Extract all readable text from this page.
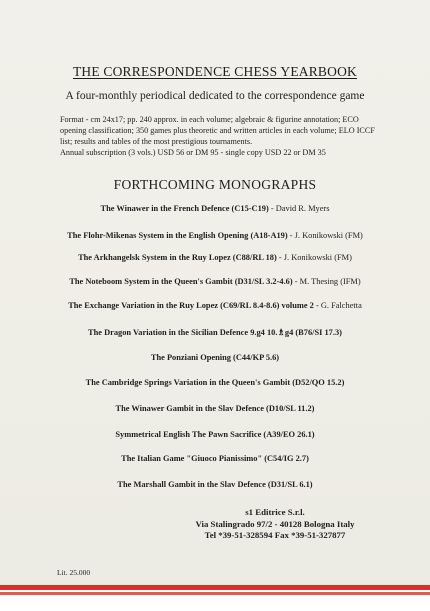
THE CORRESPONDENCE CHESS YEARBOOK
A four-monthly periodical dedicated to the correspondence game

Format - cm 24x17; pp. 240 approx. in each volume; algebraic & figurine annotation; ECO opening classification; 350 games plus theoretic and written articles in each volume; ELO ICCF list; results and tables of the most prestigious tournaments.

Annual subscription (3 vols.) USD 56 or DM 95 - single copy USD 22 or DM 35

FORTHCOMING MONOGRAPHS
The Winawer in the French Defence (C15-C19) - David R. Myers
The Flohr-Mikenas System in the English Opening (A18-A19) - J. Konikowski (FM)
The Arkhangelsk System in the Ruy Lopez (C88/RL 18) - J. Konikowski (FM)
The Noteboom System in the Queen's Gambit (D31/SL 3.2-4.6) - M. Thesing (IFM)
The Exchange Variation in the Ruy Lopez (C69/RL 8.4-8.6) volume 2 - G. Falchetta
The Dragon Variation in the Sicilian Defence 9.g4 10.♗g4 (B76/SI 17.3)
The Ponziani Opening (C44/KP 5.6)
The Cambridge Springs Variation in the Queen's Gambit (D52/QO 15.2)
The Winawer Gambit in the Slav Defence (D10/SL 11.2)
Symmetrical English The Pawn Sacrifice (A39/EO 26.1)
The Italian Game "Giuoco Pianissimo" (C54/IG 2.7)
The Marshall Gambit in the Slav Defence (D31/SL 6.1)
s1 Editrice S.r.l.
Via Stalingrado 97/2 - 40128 Bologna Italy
Tel *39-51-328594 Fax *39-51-327877
Lit. 25.000
